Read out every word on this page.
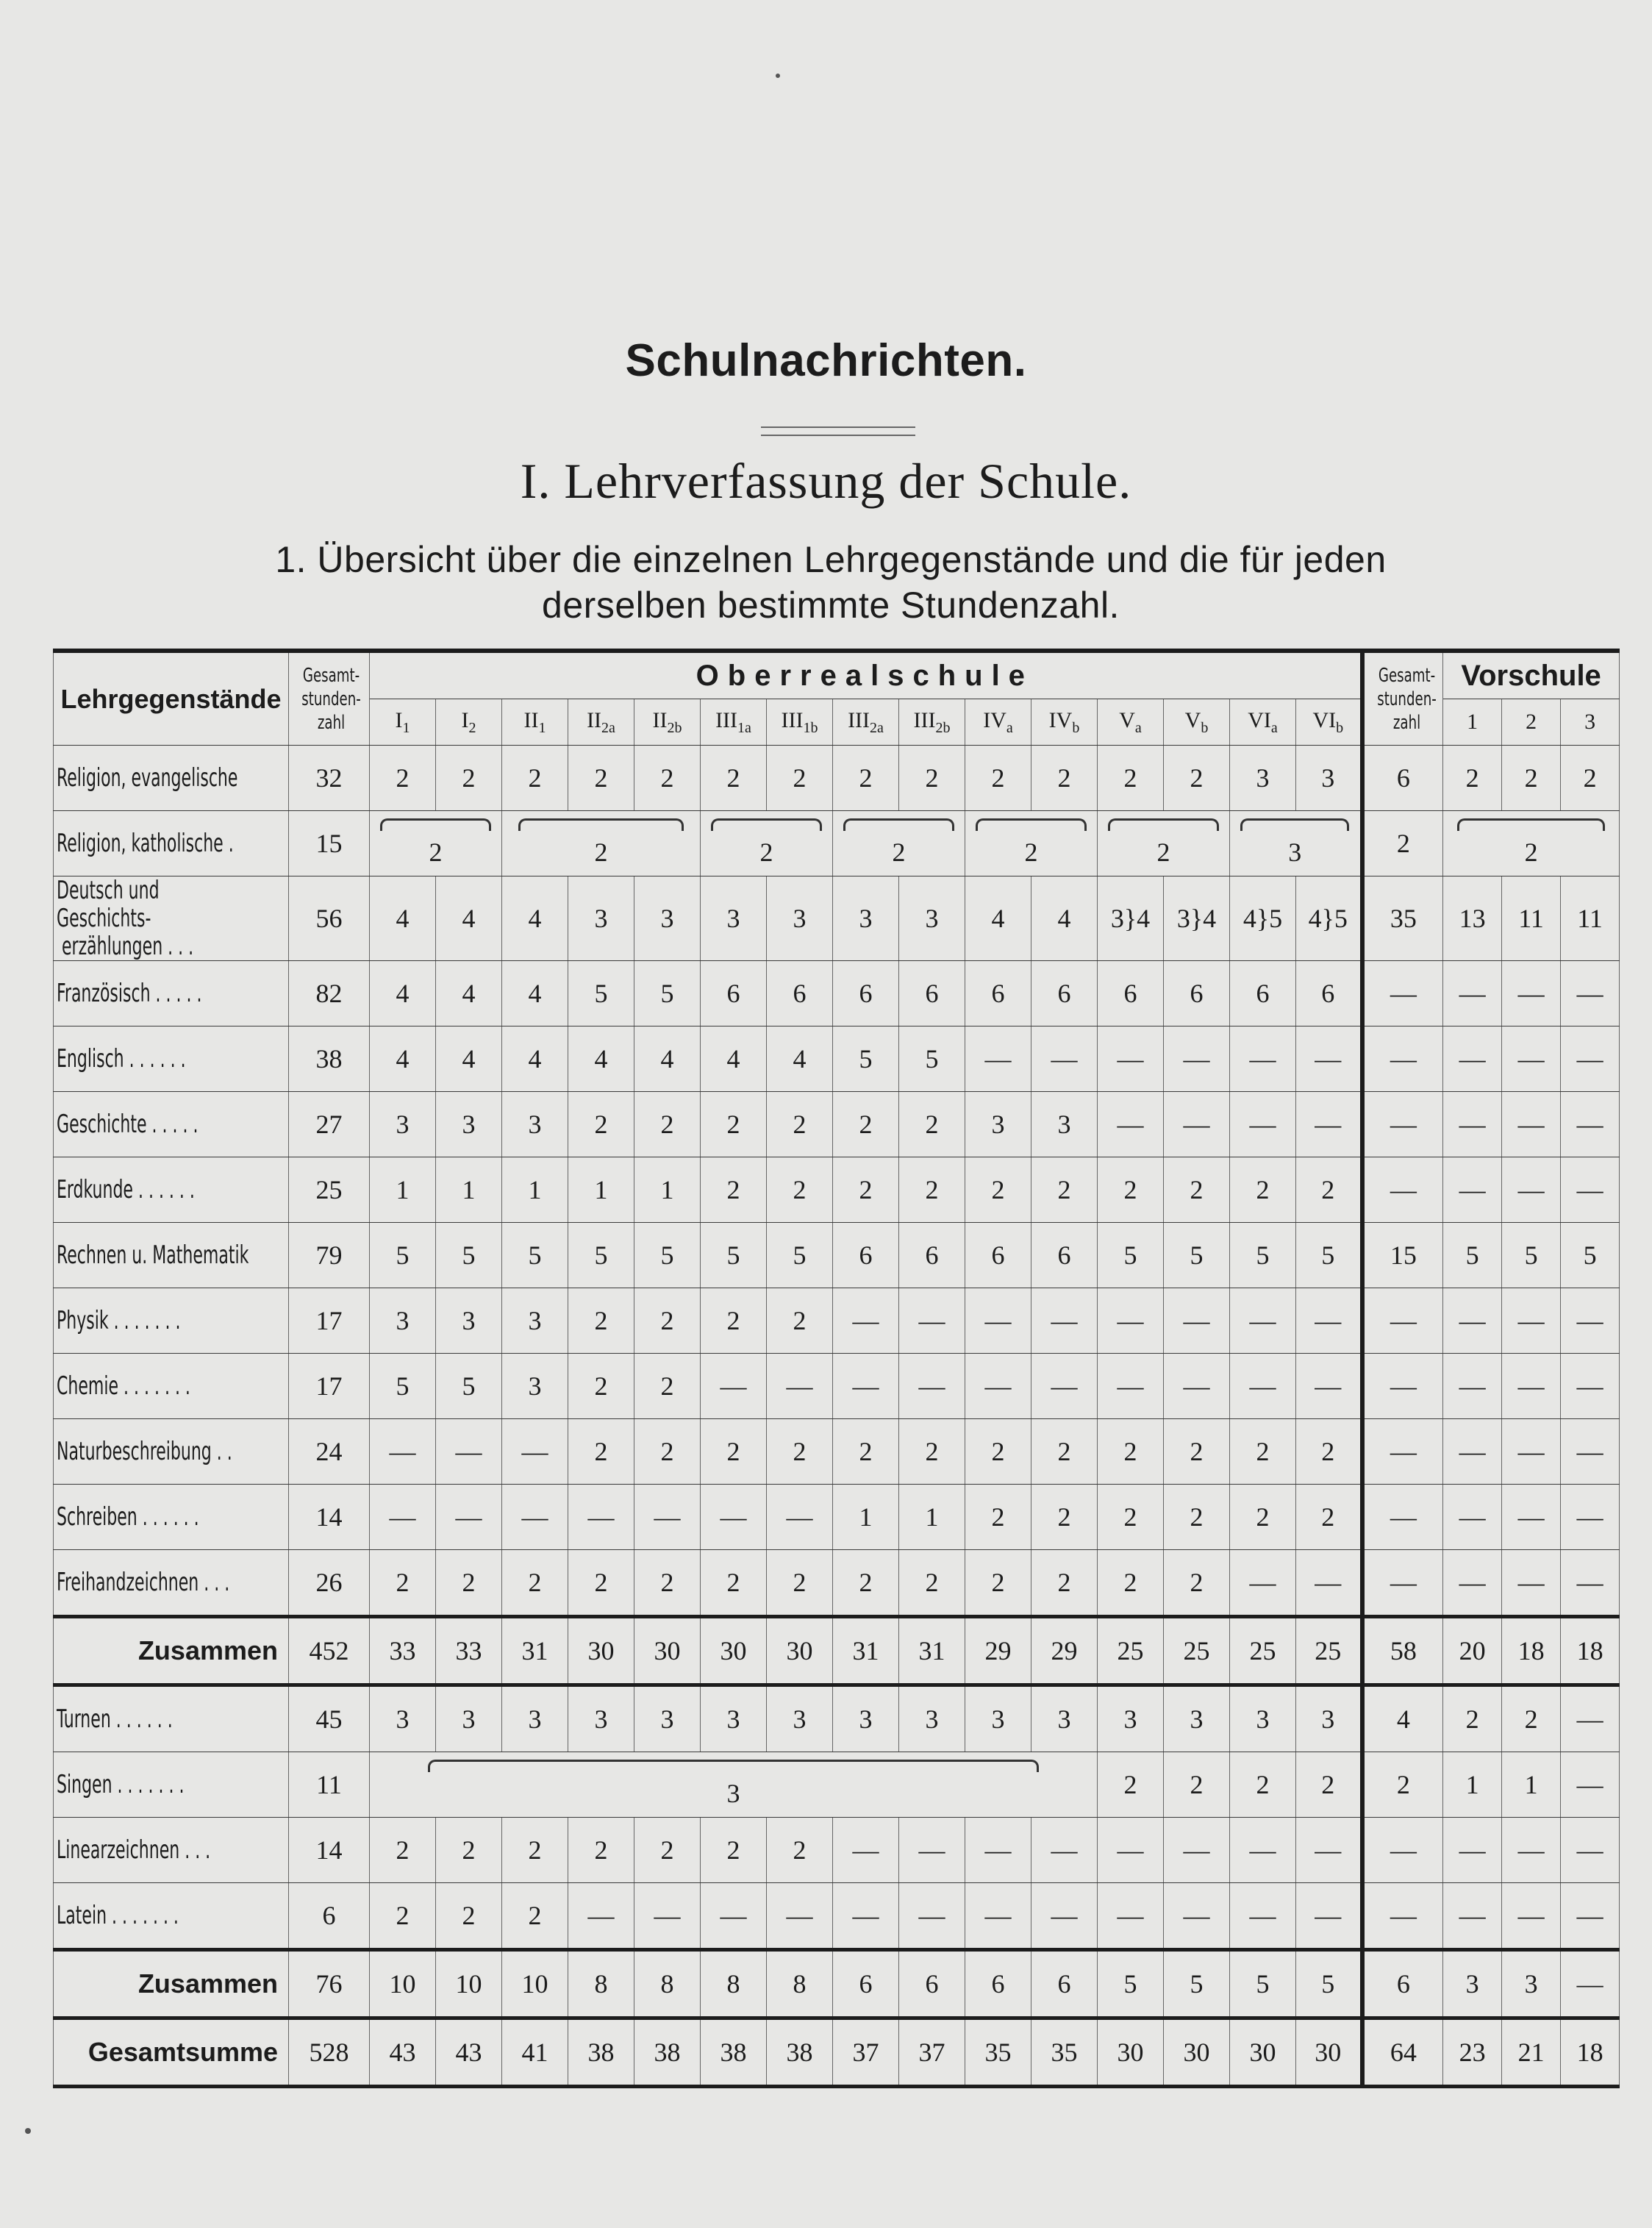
Schulnachrichten.
I. Lehrverfassung der Schule.
1. Übersicht über die einzelnen Lehrgegenstände und die für jeden
derselben bestimmte Stundenzahl.
Lehrgegenstände	Gesamt-stunden-zahl	Oberrealschule															Gesamt-stunden-zahl	Vorschule		
		$I_1$	$I_2$	$II_1$	$II_{2a}$	$II_{2b}$	$III_{1a}$	$III_{1b}$	$III_{2a}$	$III_{2b}$	$IV_a$	$IV_b$	$V_a$	$V_b$	$VI_a$	$VI_b$		1	2	3
Religion, evangelische	32	2	2	2	2	2	2	2	2	2	2	2	2	2	3	3	6	2	2	2
Religion, katholische .	15	2		2			2		2		2		2		3		2	2		
Deutsch und Geschichts- erzählungen . . .	56	4	4	4	3	3	3	3	3	3	4	4	3}4	3}4	4}5	4}5	35	13	11	11
Französisch . . . . .	82	4	4	4	5	5	6	6	6	6	6	6	6	6	6	6	—	—	—	—
Englisch . . . . . .	38	4	4	4	4	4	4	4	5	5	—	—	—	—	—	—	—	—	—	—
Geschichte . . . . .	27	3	3	3	2	2	2	2	2	2	3	3	—	—	—	—	—	—	—	—
Erdkunde . . . . . .	25	1	1	1	1	1	2	2	2	2	2	2	2	2	2	2	—	—	—	—
Rechnen u. Mathematik	79	5	5	5	5	5	5	5	6	6	6	6	5	5	5	5	15	5	5	5
Physik . . . . . . .	17	3	3	3	2	2	2	2	—	—	—	—	—	—	—	—	—	—	—	—
Chemie . . . . . . .	17	5	5	3	2	2	—	—	—	—	—	—	—	—	—	—	—	—	—	—
Naturbeschreibung . .	24	—	—	—	2	2	2	2	2	2	2	2	2	2	2	2	—	—	—	—
Schreiben . . . . . .	14	—	—	—	—	—	—	—	1	1	2	2	2	2	2	2	—	—	—	—
Freihandzeichnen . . .	26	2	2	2	2	2	2	2	2	2	2	2	2	2	—	—	—	—	—	—
Zusammen	452	33	33	31	30	30	30	30	31	31	29	29	25	25	25	25	58	20	18	18
Turnen . . . . . .	45	3	3	3	3	3	3	3	3	3	3	3	3	3	3	3	4	2	2	—
Singen . . . . . . .	11	3											2	2	2	2	2	1	1	—
Linearzeichnen . . .	14	2	2	2	2	2	2	2	—	—	—	—	—	—	—	—	—	—	—	—
Latein . . . . . . .	6	2	2	2	—	—	—	—	—	—	—	—	—	—	—	—	—	—	—	—
Zusammen	76	10	10	10	8	8	8	8	6	6	6	6	5	5	5	5	6	3	3	—
Gesamtsumme	528	43	43	41	38	38	38	38	37	37	35	35	30	30	30	30	64	23	21	18
